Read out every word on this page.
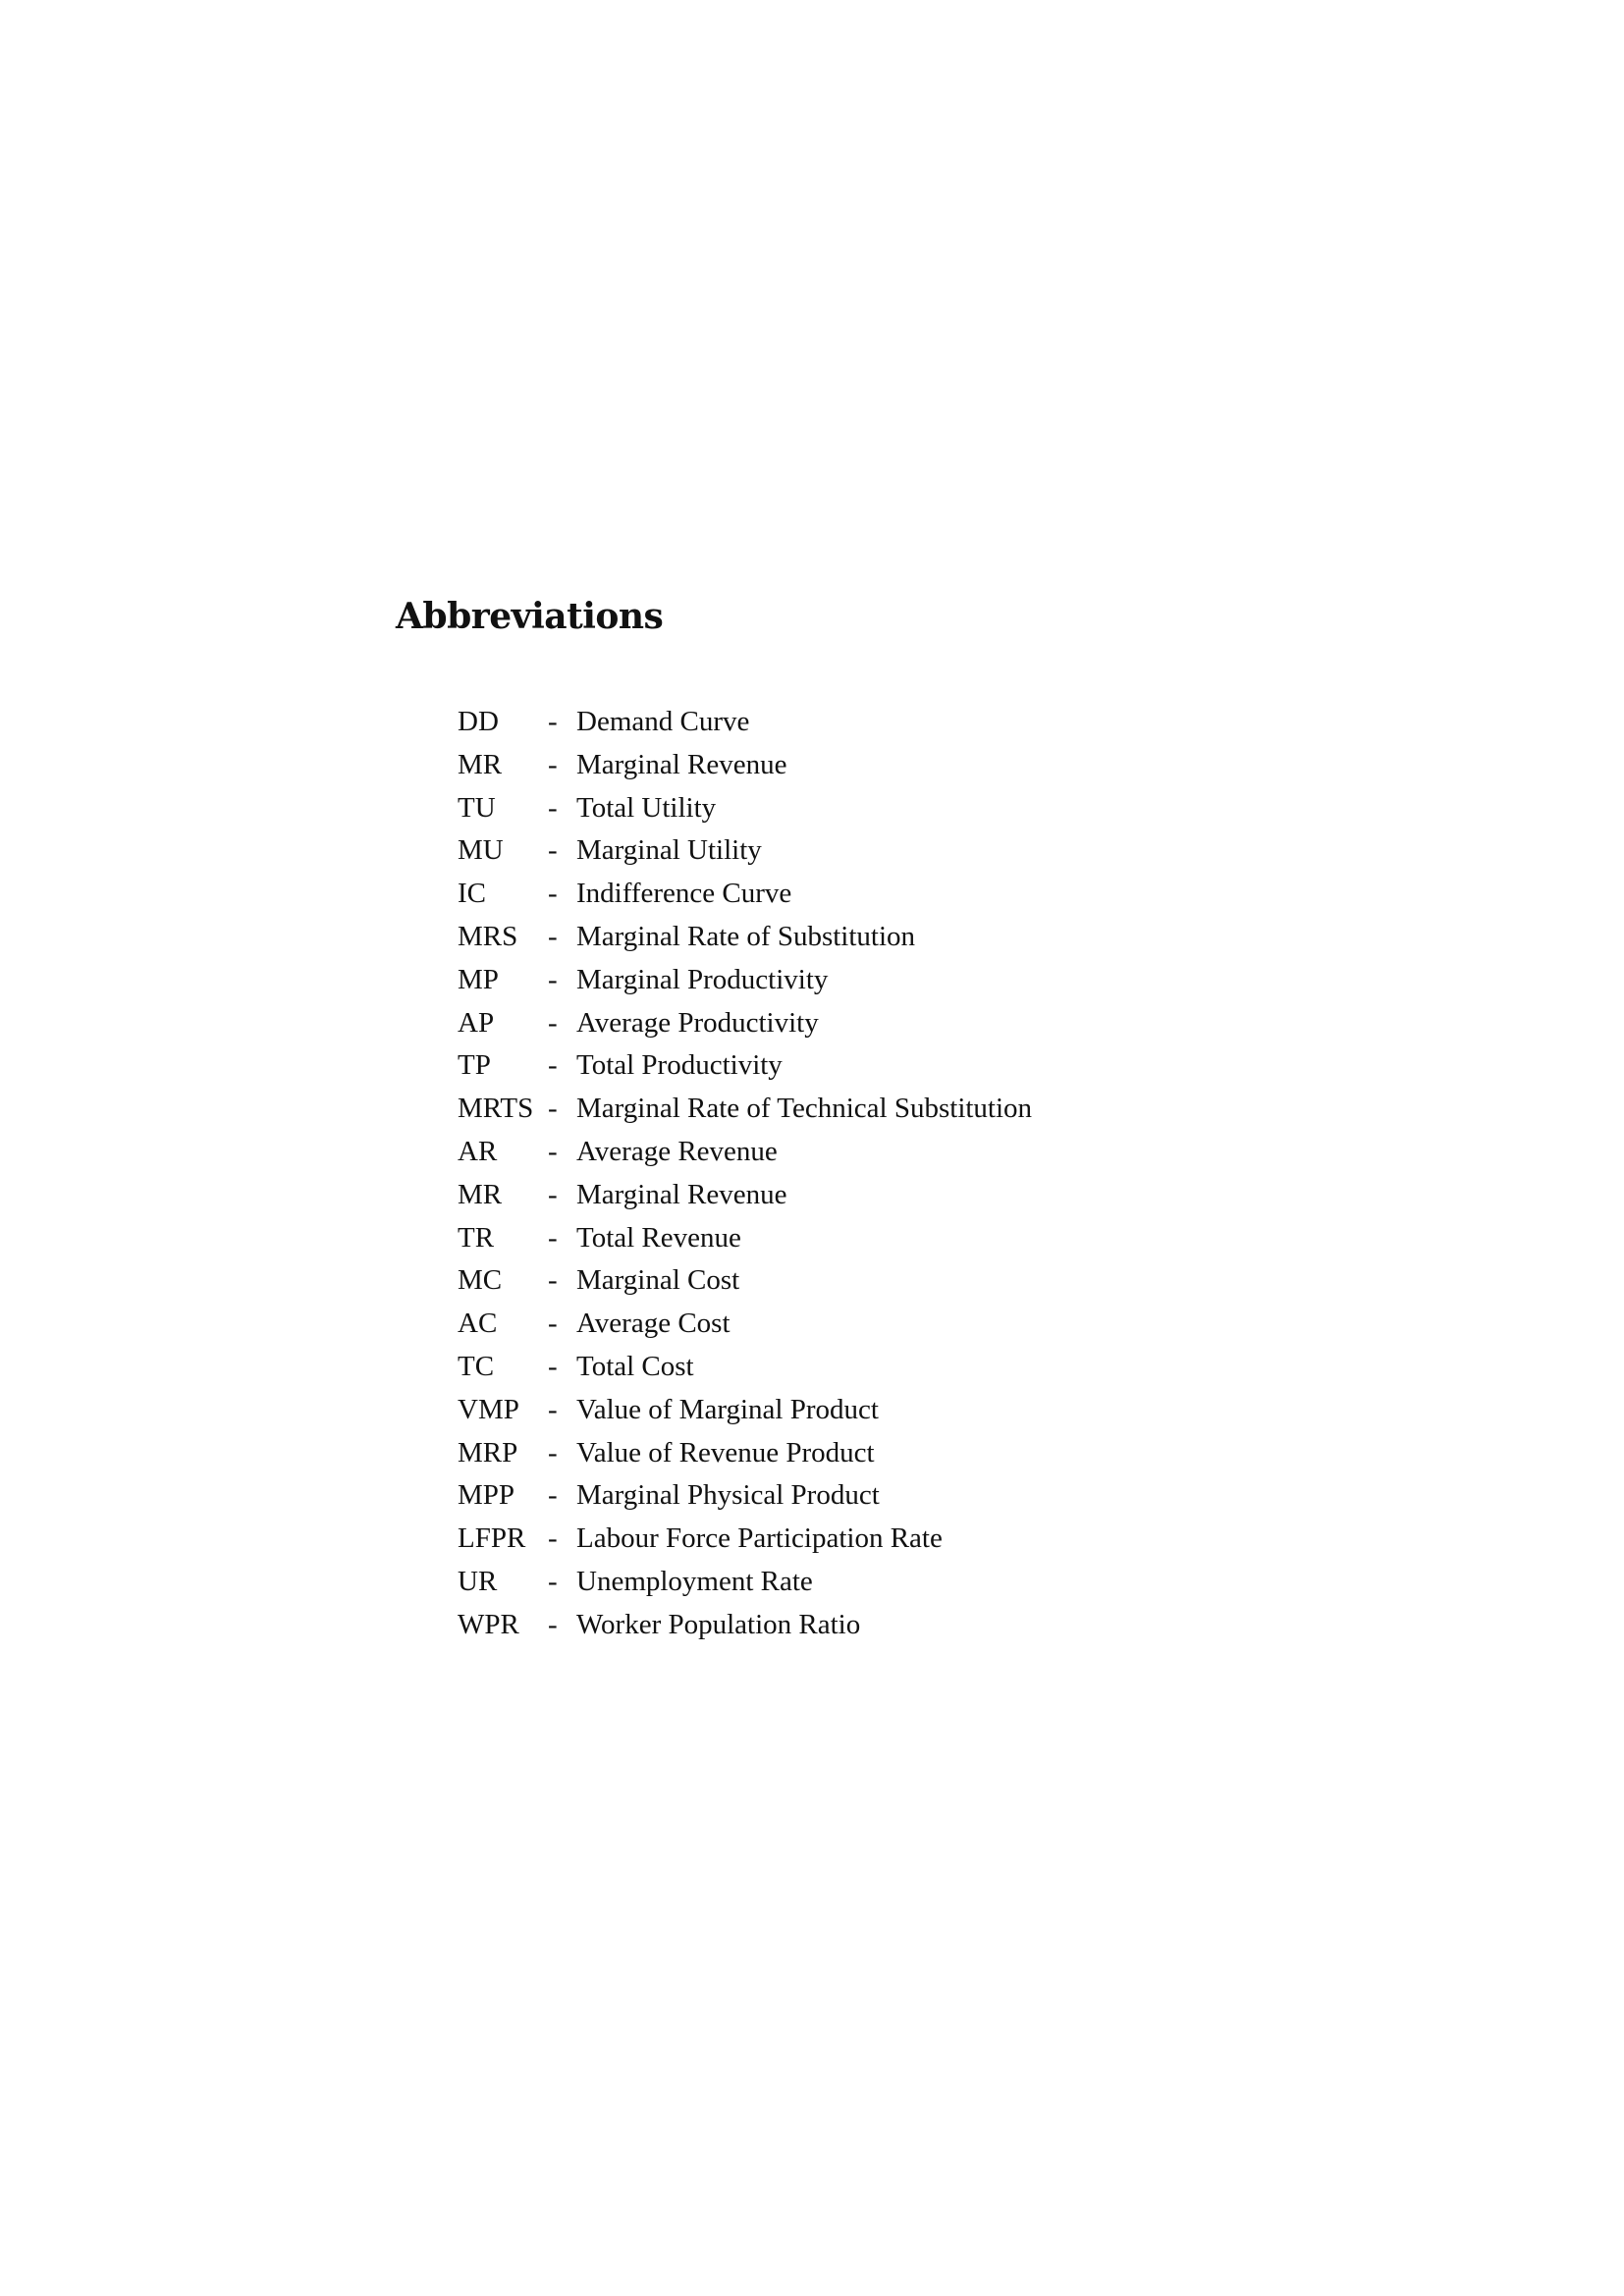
Abbreviations
DD - Demand Curve
MR - Marginal Revenue
TU - Total Utility
MU - Marginal Utility
IC - Indifference Curve
MRS - Marginal Rate of Substitution
MP - Marginal Productivity
AP - Average Productivity
TP - Total Productivity
MRTS - Marginal Rate of Technical Substitution
AR - Average Revenue
MR - Marginal Revenue
TR - Total Revenue
MC - Marginal Cost
AC - Average Cost
TC - Total Cost
VMP - Value of Marginal Product
MRP - Value of Revenue Product
MPP - Marginal Physical Product
LFPR - Labour Force Participation Rate
UR - Unemployment Rate
WPR - Worker Population Ratio
